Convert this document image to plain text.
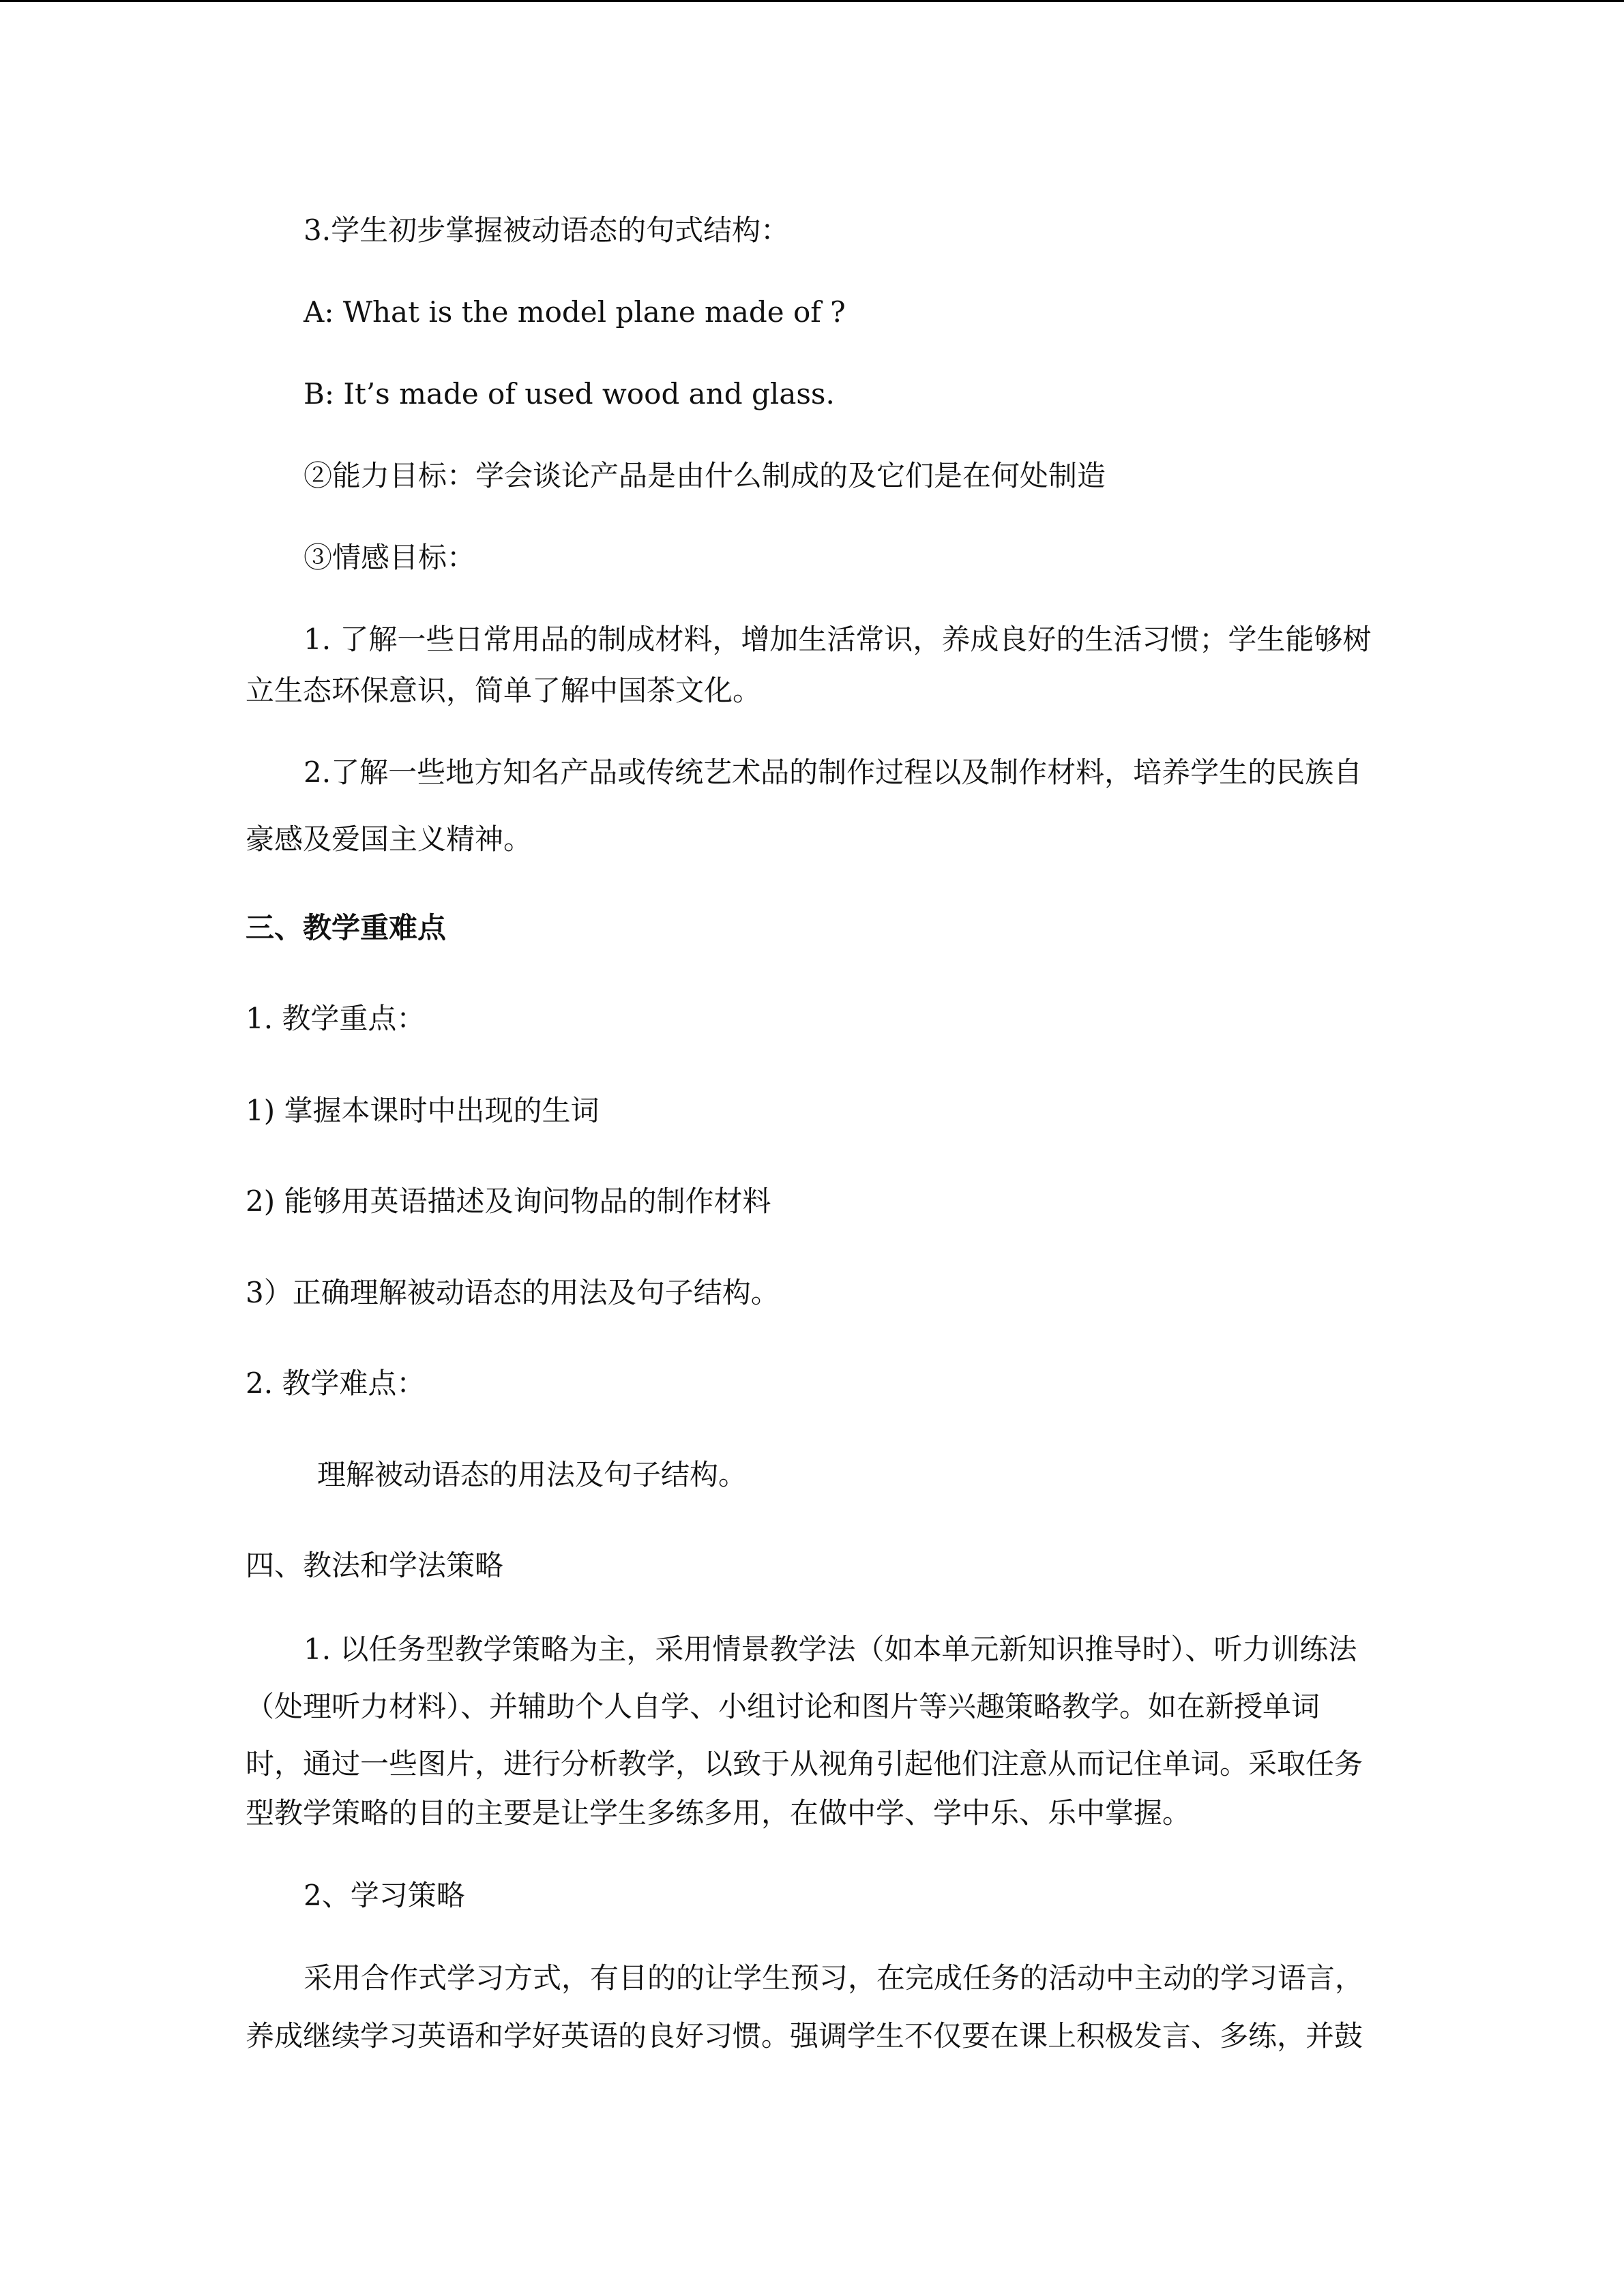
3.学生初步掌握被动语态的句式结构：

A: What is the model plane made of ?

B: It’s made of used wood and glass.

②能力目标：学会谈论产品是由什么制成的及它们是在何处制造

③情感目标：

1. 了解一些日常用品的制成材料，增加生活常识，养成良好的生活习惯；学生能够树

立生态环保意识，简单了解中国茶文化。

2.了解一些地方知名产品或传统艺术品的制作过程以及制作材料，培养学生的民族自

豪感及爱国主义精神。

三、教学重难点

1. 教学重点：

1) 掌握本课时中出现的生词

2) 能够用英语描述及询问物品的制作材料

3）正确理解被动语态的用法及句子结构。

2. 教学难点：

理解被动语态的用法及句子结构。

四、教法和学法策略

1. 以任务型教学策略为主，采用情景教学法（如本单元新知识推导时）、听力训练法

（处理听力材料）、并辅助个人自学、小组讨论和图片等兴趣策略教学。如在新授单词

时，通过一些图片，进行分析教学，以致于从视角引起他们注意从而记住单词。采取任务

型教学策略的目的主要是让学生多练多用，在做中学、学中乐、乐中掌握。

2、学习策略

采用合作式学习方式，有目的的让学生预习，在完成任务的活动中主动的学习语言，

养成继续学习英语和学好英语的良好习惯。强调学生不仅要在课上积极发言、多练，并鼓
